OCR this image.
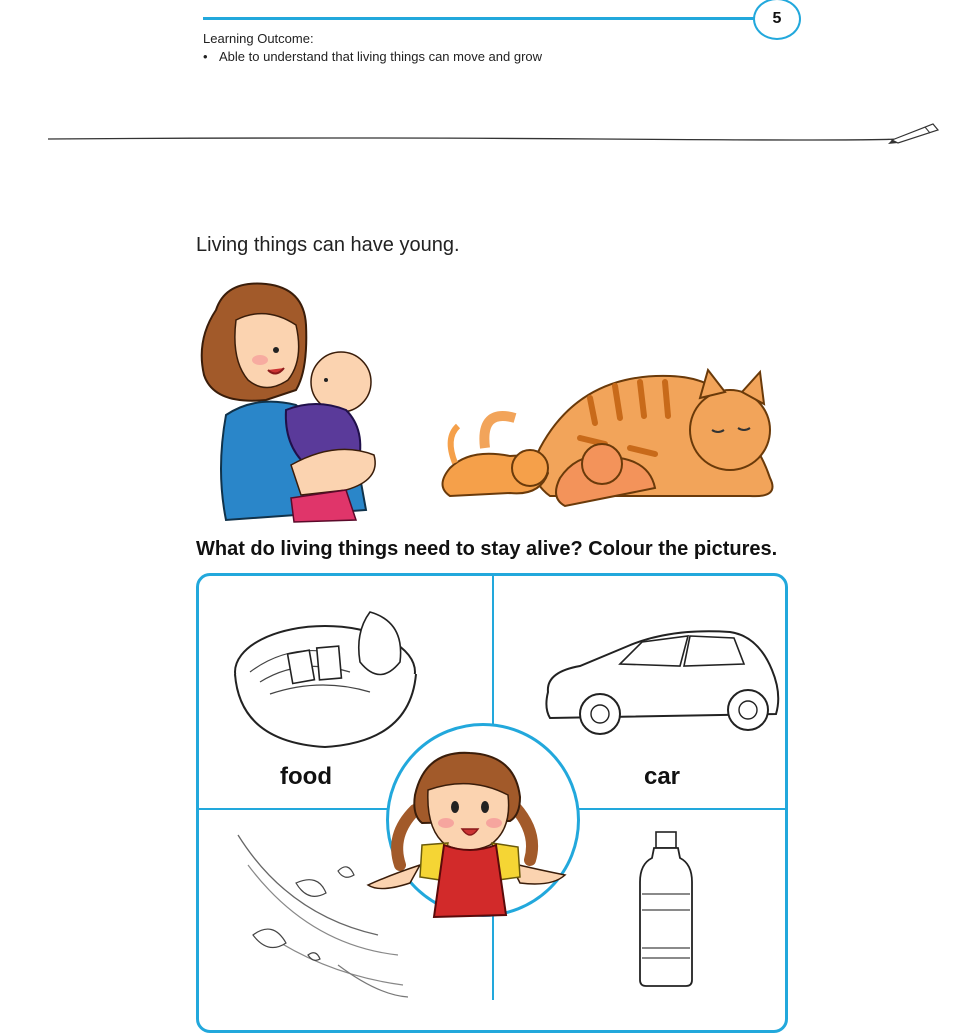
5
Learning Outcome:
• Able to understand that living things can move and grow
Living things can have young.
What do living things need to stay alive? Colour the pictures.
food	car
